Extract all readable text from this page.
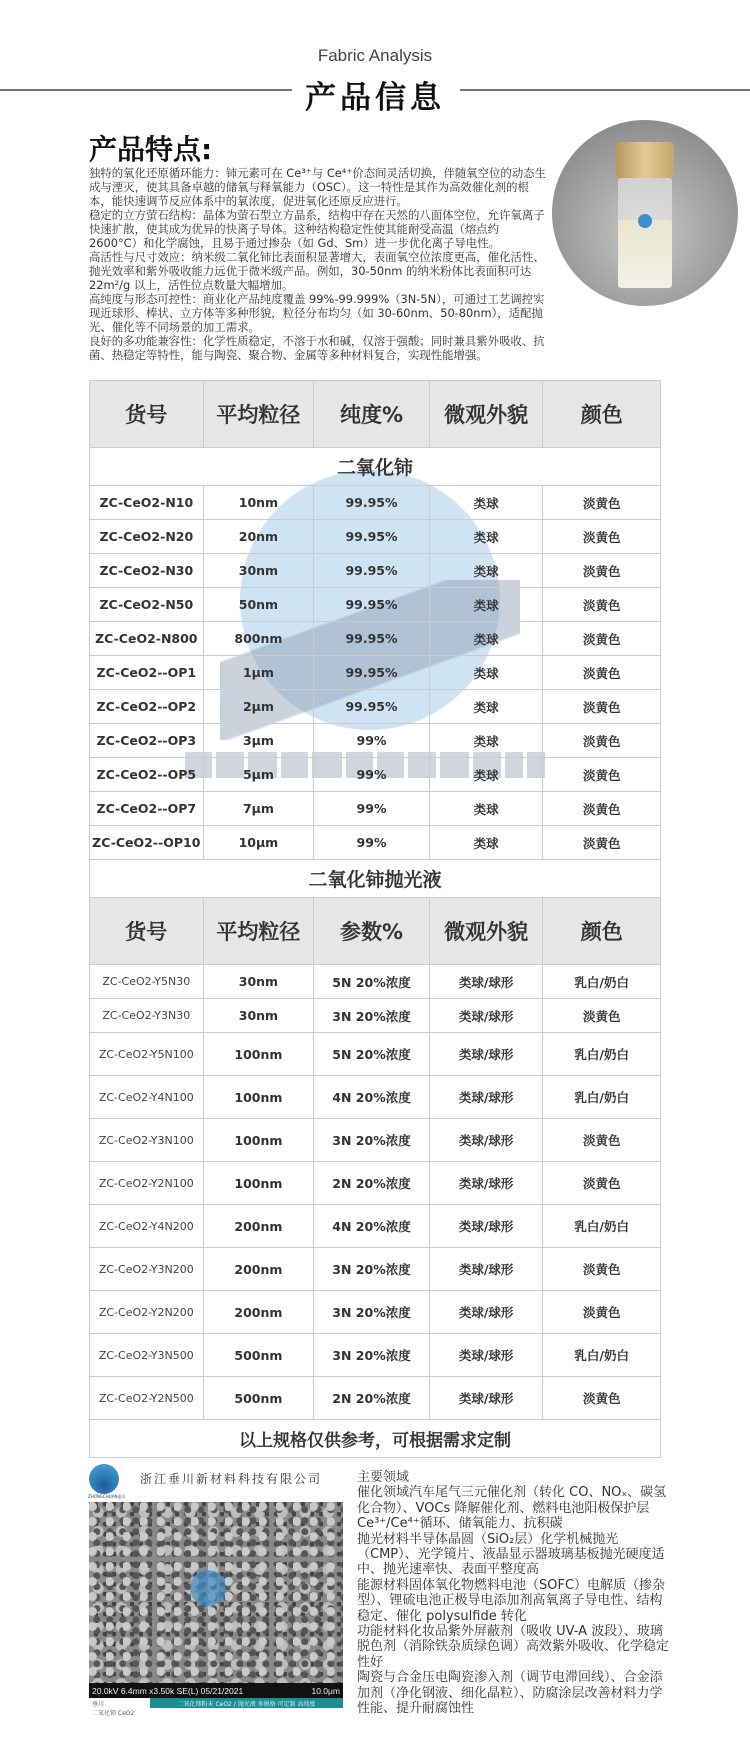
Fabric Analysis
产品信息
产品特点:
独特的氧化还原循环能力：铈元素可在 Ce³⁺与 Ce⁴⁺价态间灵活切换，伴随氧空位的动态生成与湮灭，使其具备卓越的储氧与释氧能力（OSC）。这一特性是其作为高效催化剂的根本，能快速调节反应体系中的氧浓度，促进氧化还原反应进行。
稳定的立方萤石结构：晶体为萤石型立方晶系，结构中存在天然的八面体空位，允许氧离子快速扩散，使其成为优异的快离子导体。这种结构稳定性使其能耐受高温（熔点约 2600°C）和化学腐蚀，且易于通过掺杂（如 Gd、Sm）进一步优化离子导电性。
高活性与尺寸效应：纳米级二氧化铈比表面积显著增大，表面氧空位浓度更高，催化活性、抛光效率和紫外吸收能力远优于微米级产品。例如，30-50nm 的纳米粉体比表面积可达 22m²/g 以上，活性位点数量大幅增加。
高纯度与形态可控性：商业化产品纯度覆盖 99%-99.999%（3N-5N），可通过工艺调控实现近球形、棒状、立方体等多种形貌，粒径分布均匀（如 30-60nm、50-80nm），适配抛光、催化等不同场景的加工需求。
良好的多功能兼容性：化学性质稳定，不溶于水和碱，仅溶于强酸；同时兼具紫外吸收、抗菌、热稳定等特性，能与陶瓷、聚合物、金属等多种材料复合，实现性能增强。
货号	平均粒径	纯度%	微观外貌	颜色
二氧化铈
ZC-CeO2-N10	10nm	99.95%	类球	淡黄色
ZC-CeO2-N20	20nm	99.95%	类球	淡黄色
ZC-CeO2-N30	30nm	99.95%	类球	淡黄色
ZC-CeO2-N50	50nm	99.95%	类球	淡黄色
ZC-CeO2-N800	800nm	99.95%	类球	淡黄色
ZC-CeO2--OP1	1μm	99.95%	类球	淡黄色
ZC-CeO2--OP2	2μm	99.95%	类球	淡黄色
ZC-CeO2--OP3	3μm	99%	类球	淡黄色
ZC-CeO2--OP5	5μm	99%	类球	淡黄色
ZC-CeO2--OP7	7μm	99%	类球	淡黄色
ZC-CeO2--OP10	10μm	99%	类球	淡黄色
二氧化铈抛光液
货号	平均粒径	参数%	微观外貌	颜色
ZC-CeO2-Y5N30	30nm	5N 20%浓度	类球/球形	乳白/奶白
ZC-CeO2-Y3N30	30nm	3N 20%浓度	类球/球形	淡黄色
ZC-CeO2-Y5N100	100nm	5N 20%浓度	类球/球形	乳白/奶白
ZC-CeO2-Y4N100	100nm	4N 20%浓度	类球/球形	乳白/奶白
ZC-CeO2-Y3N100	100nm	3N 20%浓度	类球/球形	淡黄色
ZC-CeO2-Y2N100	100nm	2N 20%浓度	类球/球形	淡黄色
ZC-CeO2-Y4N200	200nm	4N 20%浓度	类球/球形	乳白/奶白
ZC-CeO2-Y3N200	200nm	3N 20%浓度	类球/球形	淡黄色
ZC-CeO2-Y2N200	200nm	3N 20%浓度	类球/球形	淡黄色
ZC-CeO2-Y3N500	500nm	3N 20%浓度	类球/球形	乳白/奶白
ZC-CeO2-Y2N500	500nm	2N 20%浓度	类球/球形	淡黄色
以上规格仅供参考，可根据需求定制
ZHONGCHUAN垂川
浙江垂川新材料科技有限公司
20.0kV 6.4mm x3.50k SE(L) 05/21/2021	10.0μm
垂川
二氧化铈 CeO2
二氧化铈粉末 CeO2 / 抛光液 多规格 可定制 高纯度
主要领域
催化领域汽车尾气三元催化剂（转化 CO、NOₓ、碳氢化合物）、VOCs 降解催化剂、燃料电池阳极保护层Ce³⁺/Ce⁴⁺循环、储氧能力、抗积碳
抛光材料半导体晶圆（SiO₂层）化学机械抛光（CMP）、光学镜片、液晶显示器玻璃基板抛光硬度适中、抛光速率快、表面平整度高
能源材料固体氧化物燃料电池（SOFC）电解质（掺杂型）、锂硫电池正极导电添加剂高氧离子导电性、结构稳定、催化 polysulfide 转化
功能材料化妆品紫外屏蔽剂（吸收 UV-A 波段）、玻璃脱色剂（消除铁杂质绿色调）高效紫外吸收、化学稳定性好
陶瓷与合金压电陶瓷渗入剂（调节电滞回线）、合金添加剂（净化钢液、细化晶粒）、防腐涂层改善材料力学性能、提升耐腐蚀性
